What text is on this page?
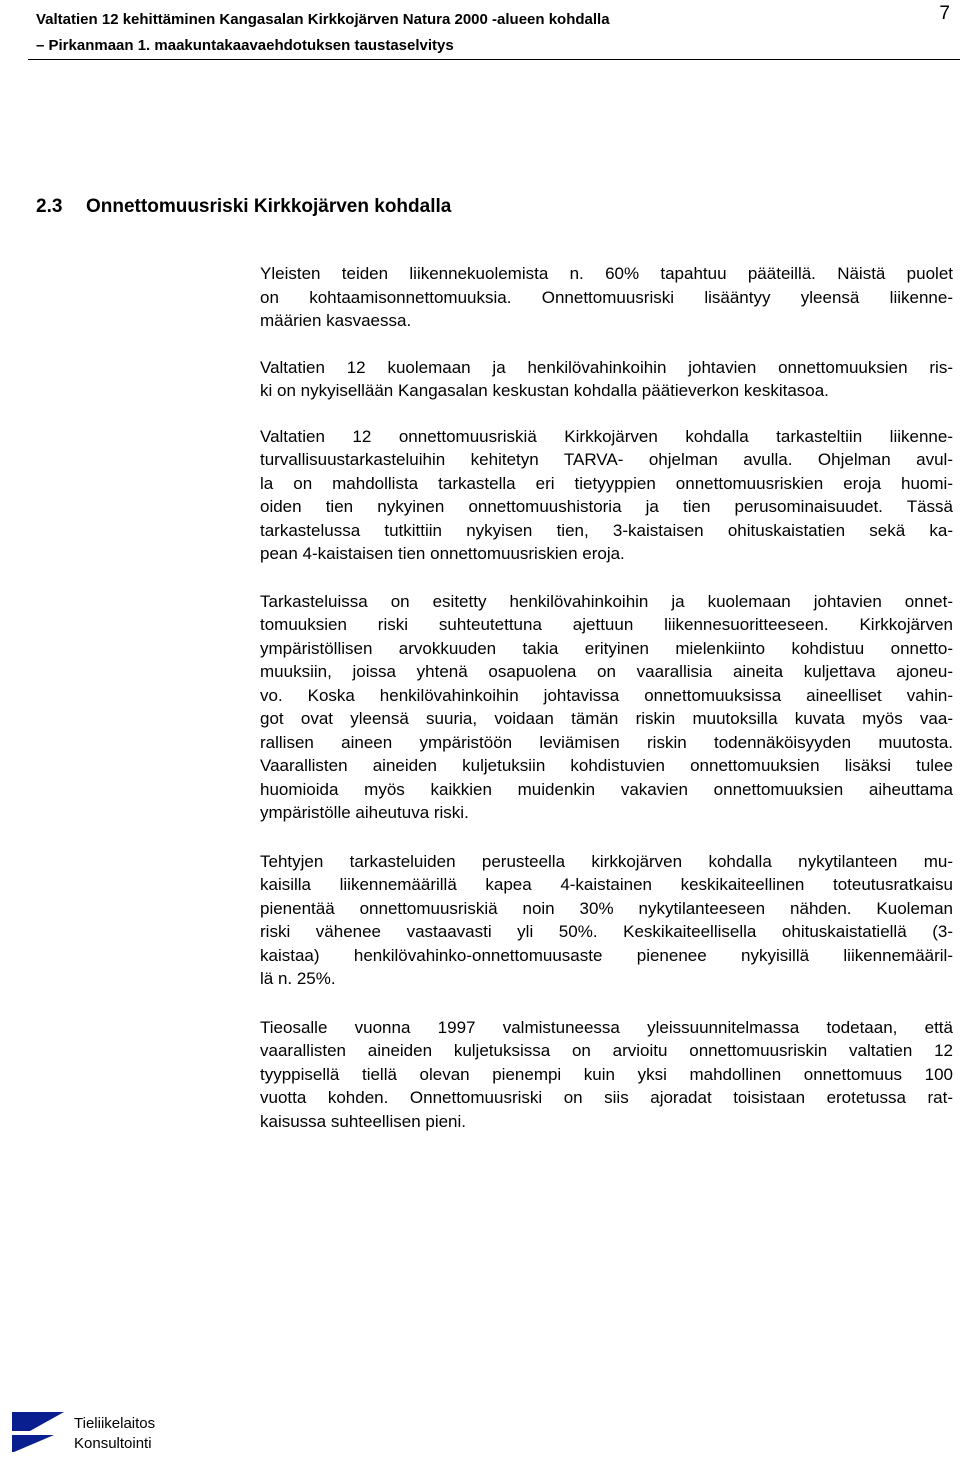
Valtatien 12 kehittäminen Kangasalan Kirkkojärven Natura 2000 -alueen kohdalla
– Pirkanmaan 1. maakuntakaavaehdotuksen taustaselvitys
7
2.3 Onnettomuusriski Kirkkojärven kohdalla

Yleisten teiden liikennekuolemista n. 60% tapahtuu pääteillä. Näistä puolet
on kohtaamisonnettomuuksia. Onnettomuusriski lisääntyy yleensä liikenne-
määrien kasvaessa.

Valtatien 12 kuolemaan ja henkilövahinkoihin johtavien onnettomuuksien ris-
ki on nykyisellään Kangasalan keskustan kohdalla päätieverkon keskitasoa.

Valtatien 12 onnettomuusriskiä Kirkkojärven kohdalla tarkasteltiin liikenne-
turvallisuustarkasteluihin kehitetyn TARVA- ohjelman avulla. Ohjelman avul-
la on mahdollista tarkastella eri tietyyppien onnettomuusriskien eroja huomi-
oiden tien nykyinen onnettomuushistoria ja tien perusominaisuudet. Tässä
tarkastelussa tutkittiin nykyisen tien, 3-kaistaisen ohituskaistatien sekä ka-
pean 4-kaistaisen tien onnettomuusriskien eroja.

Tarkasteluissa on esitetty henkilövahinkoihin ja kuolemaan johtavien onnet-
tomuuksien riski suhteutettuna ajettuun liikennesuoritteeseen. Kirkkojärven
ympäristöllisen arvokkuuden takia erityinen mielenkiinto kohdistuu onnetto-
muuksiin, joissa yhtenä osapuolena on vaarallisia aineita kuljettava ajoneu-
vo. Koska henkilövahinkoihin johtavissa onnettomuuksissa aineelliset vahin-
got ovat yleensä suuria, voidaan tämän riskin muutoksilla kuvata myös vaa-
rallisen aineen ympäristöön leviämisen riskin todennäköisyyden muutosta.
Vaarallisten aineiden kuljetuksiin kohdistuvien onnettomuuksien lisäksi tulee
huomioida myös kaikkien muidenkin vakavien onnettomuuksien aiheuttama
ympäristölle aiheutuva riski.

Tehtyjen tarkasteluiden perusteella kirkkojärven kohdalla nykytilanteen mu-
kaisilla liikennemäärillä kapea 4-kaistainen keskikaiteellinen toteutusratkaisu
pienentää onnettomuusriskiä noin 30% nykytilanteeseen nähden. Kuoleman
riski vähenee vastaavasti yli 50%. Keskikaiteellisella ohituskaistatiellä (3-
kaistaa) henkilövahinko-onnettomuusaste pienenee nykyisillä liikennemääril-
lä n. 25%.

Tieosalle vuonna 1997 valmistuneessa yleissuunnitelmassa todetaan, että
vaarallisten aineiden kuljetuksissa on arvioitu onnettomuusriskin valtatien 12
tyyppisellä tiellä olevan pienempi kuin yksi mahdollinen onnettomuus 100
vuotta kohden. Onnettomuusriski on siis ajoradat toisistaan erotetussa rat-
kaisussa suhteellisen pieni.

Tieliikelaitos
Konsultointi
